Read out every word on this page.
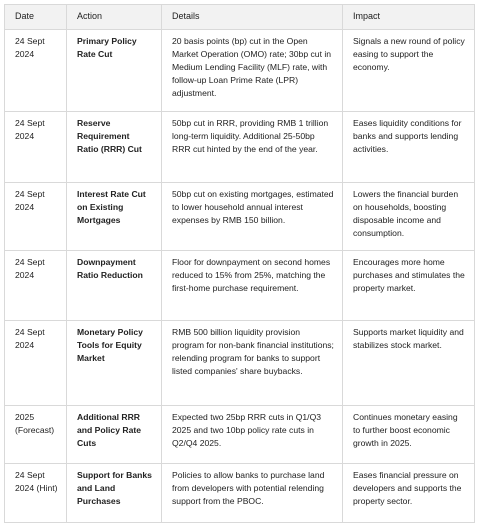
Date	Action	Details	Impact
24 Sept 2024	Primary Policy Rate Cut	20 basis points (bp) cut in the Open Market Operation (OMO) rate; 30bp cut in Medium Lending Facility (MLF) rate, with follow-up Loan Prime Rate (LPR) adjustment.	Signals a new round of policy easing to support the economy.
24 Sept 2024	Reserve Requirement Ratio (RRR) Cut	50bp cut in RRR, providing RMB 1 trillion long-term liquidity. Additional 25-50bp RRR cut hinted by the end of the year.	Eases liquidity conditions for banks and supports lending activities.
24 Sept 2024	Interest Rate Cut on Existing Mortgages	50bp cut on existing mortgages, estimated to lower household annual interest expenses by RMB 150 billion.	Lowers the financial burden on households, boosting disposable income and consumption.
24 Sept 2024	Downpayment Ratio Reduction	Floor for downpayment on second homes reduced to 15% from 25%, matching the first-home purchase requirement.	Encourages more home purchases and stimulates the property market.
24 Sept 2024	Monetary Policy Tools for Equity Market	RMB 500 billion liquidity provision program for non-bank financial institutions; relending program for banks to support listed companies' share buybacks.	Supports market liquidity and stabilizes stock market.
2025 (Forecast)	Additional RRR and Policy Rate Cuts	Expected two 25bp RRR cuts in Q1/Q3 2025 and two 10bp policy rate cuts in Q2/Q4 2025.	Continues monetary easing to further boost economic growth in 2025.
24 Sept 2024 (Hint)	Support for Banks and Land Purchases	Policies to allow banks to purchase land from developers with potential relending support from the PBOC.	Eases financial pressure on developers and supports the property sector.
